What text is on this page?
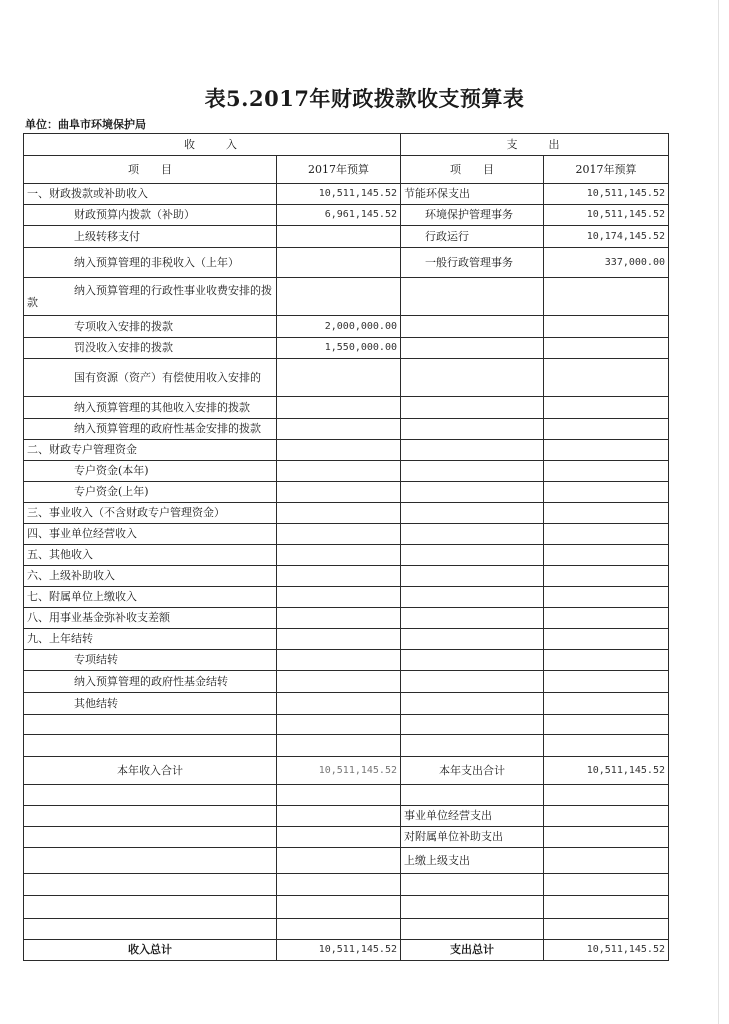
表5.2017年财政拨款收支预算表
单位：曲阜市环境保护局
收　　入		支　　出	
项　　目	2017年预算	项　　目	2017年预算
一、财政拨款或补助收入	10,511,145.52	节能环保支出	10,511,145.52
财政预算内拨款（补助）	6,961,145.52	环境保护管理事务	10,511,145.52
上级转移支付		行政运行	10,174,145.52
纳入预算管理的非税收入（上年）		一般行政管理事务	337,000.00
纳入预算管理的行政性事业收费安排的拨款			
专项收入安排的拨款	2,000,000.00		
罚没收入安排的拨款	1,550,000.00		
国有资源（资产）有偿使用收入安排的			
纳入预算管理的其他收入安排的拨款			
纳入预算管理的政府性基金安排的拨款			
二、财政专户管理资金			
专户资金(本年)			
专户资金(上年)			
三、事业收入（不含财政专户管理资金）			
四、事业单位经营收入			
五、其他收入			
六、上级补助收入			
七、附属单位上缴收入			
八、用事业基金弥补收支差额			
九、上年结转			
专项结转			
纳入预算管理的政府性基金结转			
其他结转			

本年收入合计	10,511,145.52	本年支出合计	10,511,145.52

		事业单位经营支出	
		对附属单位补助支出	
		上缴上级支出	

收入总计	10,511,145.52	支出总计	10,511,145.52
